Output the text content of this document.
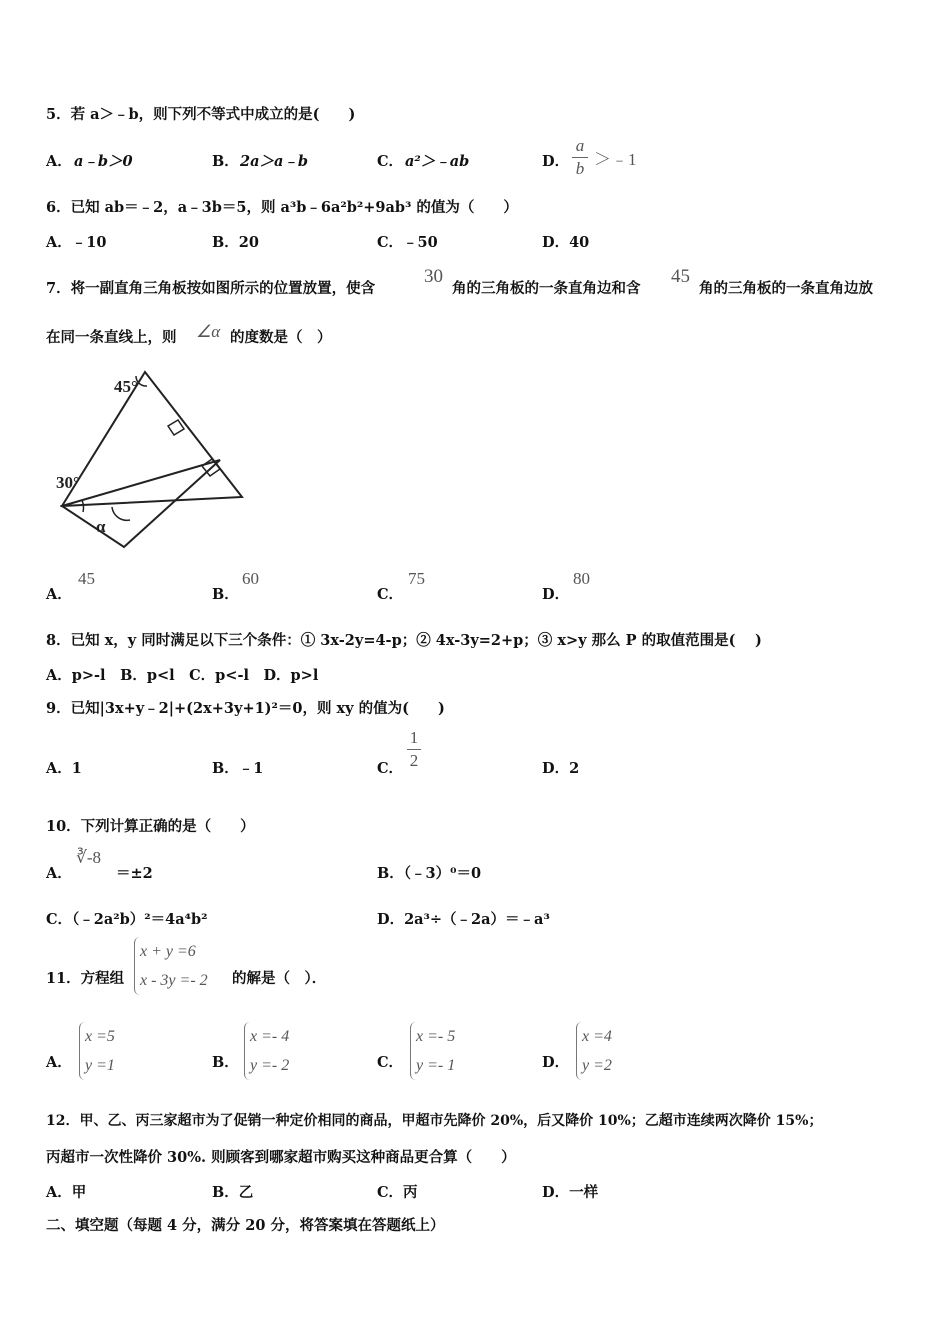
5．若 a＞﹣b，则下列不等式中成立的是(　　)
A． a﹣b＞0	B． 2a＞a﹣b	C． a²＞﹣ab	D．
a
b ＞﹣1
6．已知 ab＝﹣2，a﹣3b＝5，则 a³b﹣6a²b²+9ab³ 的值为（　　）
A．﹣10	B．20	C．﹣50	D．40
7．将一副直角三角板按如图所示的位置放置，使含
30
角的三角板的一条直角边和含
45
角的三角板的一条直角边放
在同一条直线上，则 ∠α 的度数是（　）
45°
30°
α
A．
45
B．
60
C．
75
D．
80
8．已知 x，y 同时满足以下三个条件：① 3x-2y=4-p；② 4x-3y=2+p；③ x>y 那么 P 的取值范围是(　 )
A．p>-l　B．p<l　C．p<-l　D．p>l
9．已知|3x+y﹣2|+(2x+3y+1)²＝0，则 xy 的值为(　　)
A．1	B．﹣1	C．
1
2	D．2
10．下列计算正确的是（　　）
A．
∛-8
＝±2	B．（﹣3）⁰＝0
C．（﹣2a²b）²＝4a⁴b²	D．2a³÷（﹣2a）＝﹣a³
11．方程组
x + y =6
x - 3y =- 2 的解是（　）．
A．
x =5
y =1	B．
x =- 4
y =- 2	C．
x =- 5
y =- 1	D．
x =4
y =2
12．甲、乙、丙三家超市为了促销一种定价相同的商品，甲超市先降价 20%，后又降价 10%；乙超市连续两次降价 15%；
丙超市一次性降价 30%. 则顾客到哪家超市购买这种商品更合算（　　）
A．甲	B．乙	C．丙	D．一样
二、填空题（每题 4 分，满分 20 分，将答案填在答题纸上）
